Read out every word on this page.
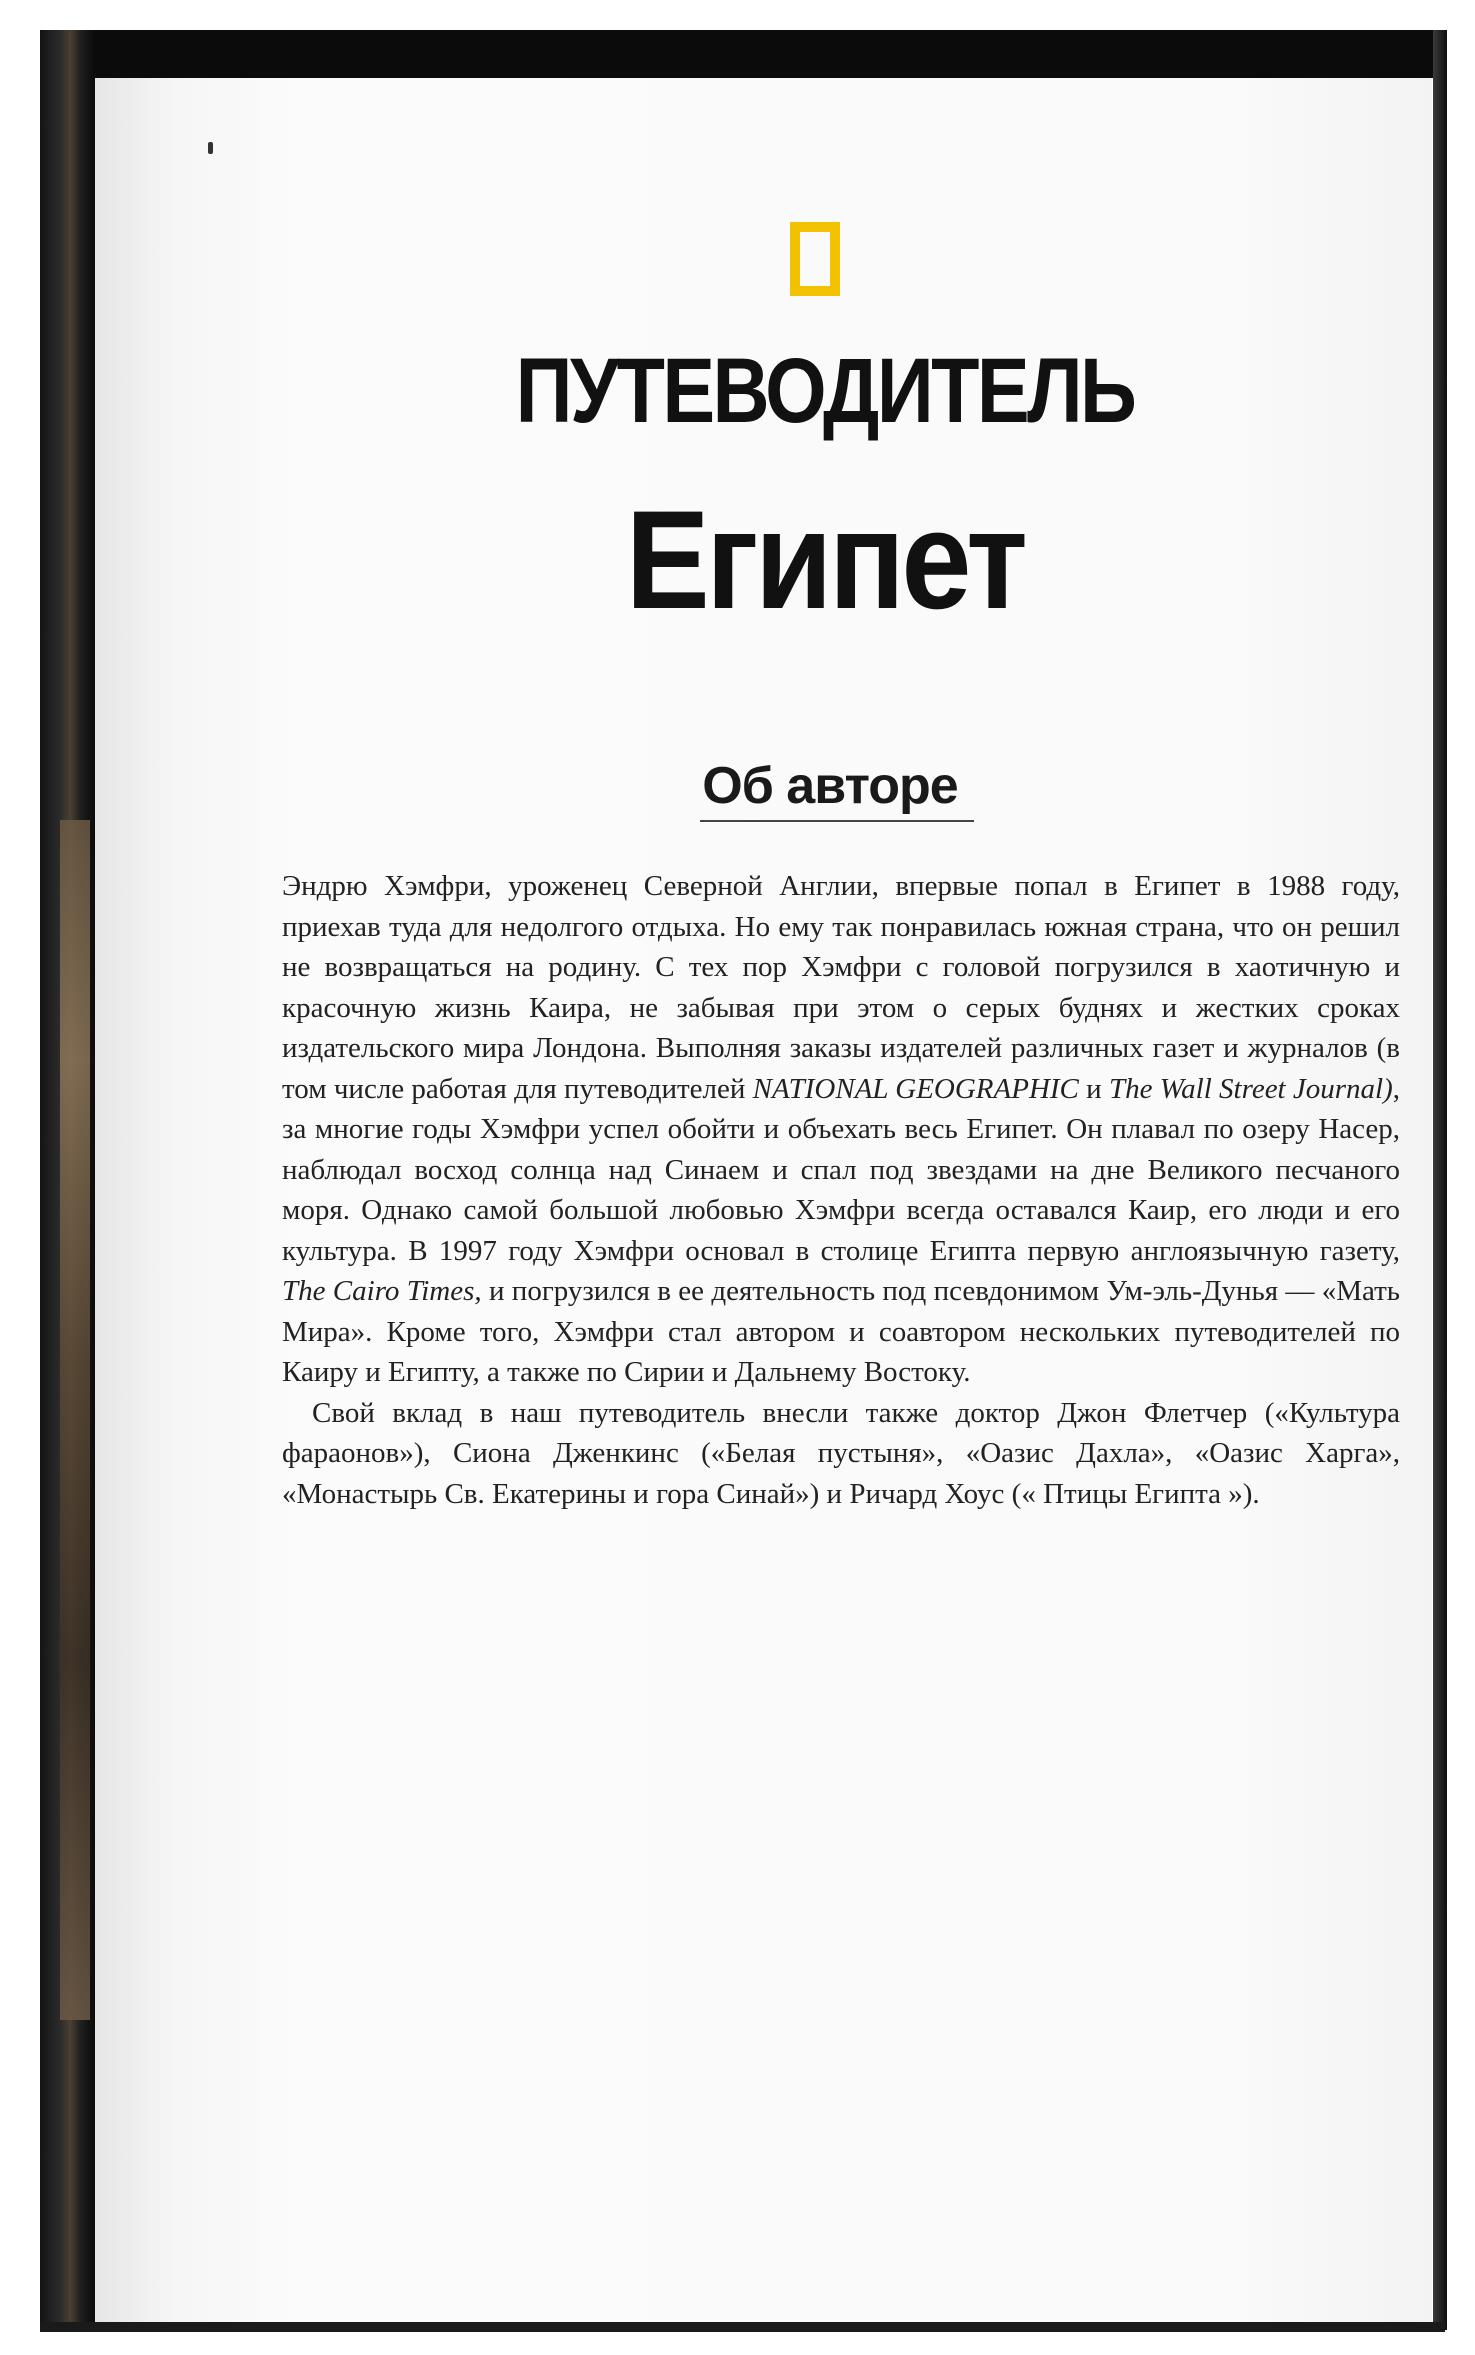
ПУТЕВОДИТЕЛЬ
Египет
Об авторе

Эндрю Хэмфри, уроженец Северной Англии, впервые попал в Египет в 1988 году, приехав туда для недолгого отдыха. Но ему так понравилась южная страна, что он решил не возвращаться на родину. С тех пор Хэмфри с головой погрузился в хаотичную и красочную жизнь Каира, не забывая при этом о серых буднях и жестких сроках издательского мира Лондона. Выполняя заказы издателей различных газет и журналов (в том числе работая для путеводителей NATIONAL GEOGRAPHIC и The Wall Street Journal), за многие годы Хэмфри успел обойти и объехать весь Египет. Он плавал по озеру Насер, наблюдал восход солнца над Синаем и спал под звездами на дне Великого песчаного моря. Однако самой большой любовью Хэмфри всегда оставался Каир, его люди и его культура. В 1997 году Хэмфри основал в столице Египта первую англоязычную газету, The Cairo Times, и погрузился в ее деятельность под псевдонимом Ум-эль-Дунья — «Мать Мира». Кроме того, Хэмфри стал автором и соавтором нескольких путеводителей по Каиру и Египту, а также по Сирии и Дальнему Востоку.

Свой вклад в наш путеводитель внесли также доктор Джон Флетчер («Культура фараонов»), Сиона Дженкинс («Белая пустыня», «Оазис Дахла», «Оазис Харга», «Монастырь Св. Екатерины и гора Синай») и Ричард Хоус (« Птицы Египта »).
